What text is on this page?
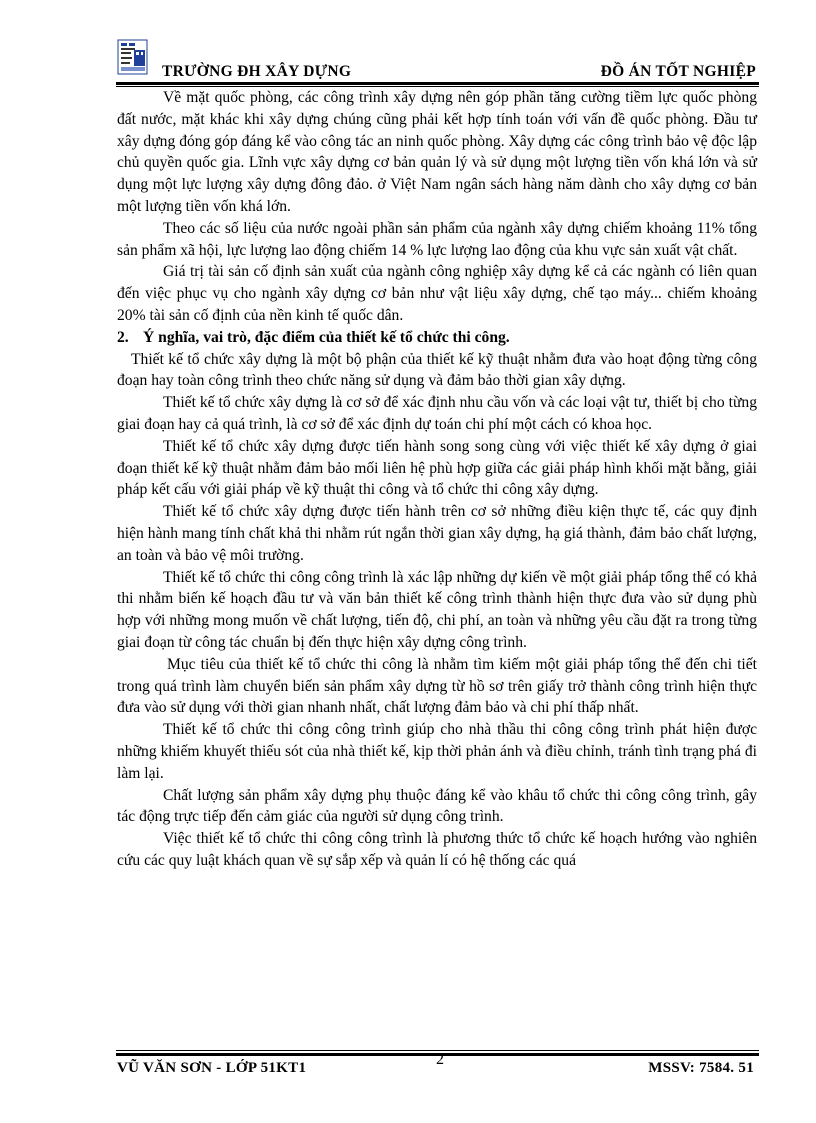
TRƯỜNG ĐH XÂY DỰNG	ĐỒ ÁN TỐT NGHIỆP

Về mặt quốc phòng, các công trình xây dựng nên góp phần tăng cường tiềm lực quốc phòng đất nước, mặt khác khi xây dựng chúng cũng phải kết hợp tính toán với vấn đề quốc phòng. Đầu tư xây dựng đóng góp đáng kể vào công tác an ninh quốc phòng. Xây dựng các công trình bảo vệ độc lập chủ quyền quốc gia. Lĩnh vực xây dựng cơ bản quản lý và sử dụng một lượng tiền vốn khá lớn và sử dụng một lực lượng xây dựng đông đảo. ở Việt Nam ngân sách hàng năm dành cho xây dựng cơ bản một lượng tiền vốn khá lớn.

Theo các số liệu của nước ngoài phần sản phẩm của ngành xây dựng chiếm khoảng 11% tổng sản phẩm xã hội, lực lượng lao động chiếm 14 % lực lượng lao động của khu vực sản xuất vật chất.

Giá trị tài sản cố định sản xuất của ngành công nghiệp xây dựng kể cả các ngành có liên quan đến việc phục vụ cho ngành xây dựng cơ bản như vật liệu xây dựng, chế tạo máy... chiếm khoảng 20% tài sản cố định của nền kinh tế quốc dân.

2. Ý nghĩa, vai trò, đặc điểm của thiết kế tổ chức thi công.

Thiết kế tổ chức xây dựng là một bộ phận của thiết kế kỹ thuật nhằm đưa vào hoạt động từng công đoạn hay toàn công trình theo chức năng sử dụng và đảm bảo thời gian xây dựng.

Thiết kế tổ chức xây dựng là cơ sở để xác định nhu cầu vốn và các loại vật tư, thiết bị cho từng giai đoạn hay cả quá trình, là cơ sở để xác định dự toán chi phí một cách có khoa học.

Thiết kế tổ chức xây dựng được tiến hành song song cùng với việc thiết kế xây dựng ở giai đoạn thiết kế kỹ thuật nhằm đảm bảo mối liên hệ phù hợp giữa các giải pháp hình khối mặt bằng, giải pháp kết cấu với giải pháp về kỹ thuật thi công và tổ chức thi công xây dựng.

Thiết kế tổ chức xây dựng được tiến hành trên cơ sở những điều kiện thực tế, các quy định hiện hành mang tính chất khả thi nhằm rút ngắn thời gian xây dựng, hạ giá thành, đảm bảo chất lượng, an toàn và bảo vệ môi trường.

Thiết kế tổ chức thi công công trình là xác lập những dự kiến về một giải pháp tổng thể có khả thi nhằm biến kế hoạch đầu tư và văn bản thiết kế công trình thành hiện thực đưa vào sử dụng phù hợp với những mong muốn về chất lượng, tiến độ, chi phí, an toàn và những yêu cầu đặt ra trong từng giai đoạn từ công tác chuẩn bị đến thực hiện xây dựng công trình.

Mục tiêu của thiết kế tổ chức thi công là nhằm tìm kiếm một giải pháp tổng thể đến chi tiết trong quá trình làm chuyển biến sản phẩm xây dựng từ hồ sơ trên giấy trở thành công trình hiện thực đưa vào sử dụng với thời gian nhanh nhất, chất lượng đảm bảo và chi phí thấp nhất.

Thiết kế tổ chức thi công công trình giúp cho nhà thầu thi công công trình phát hiện được những khiếm khuyết thiếu sót của nhà thiết kế, kịp thời phản ánh và điều chỉnh, tránh tình trạng phá đi làm lại.

Chất lượng sản phẩm xây dựng phụ thuộc đáng kể vào khâu tổ chức thi công công trình, gây tác động trực tiếp đến cảm giác của người sử dụng công trình.

Việc thiết kế tổ chức thi công công trình là phương thức tổ chức kế hoạch hướng vào nghiên cứu các quy luật khách quan về sự sắp xếp và quản lí có hệ thống các quá

VŨ VĂN SƠN - LỚP 51KT1	2	MSSV: 7584. 51
